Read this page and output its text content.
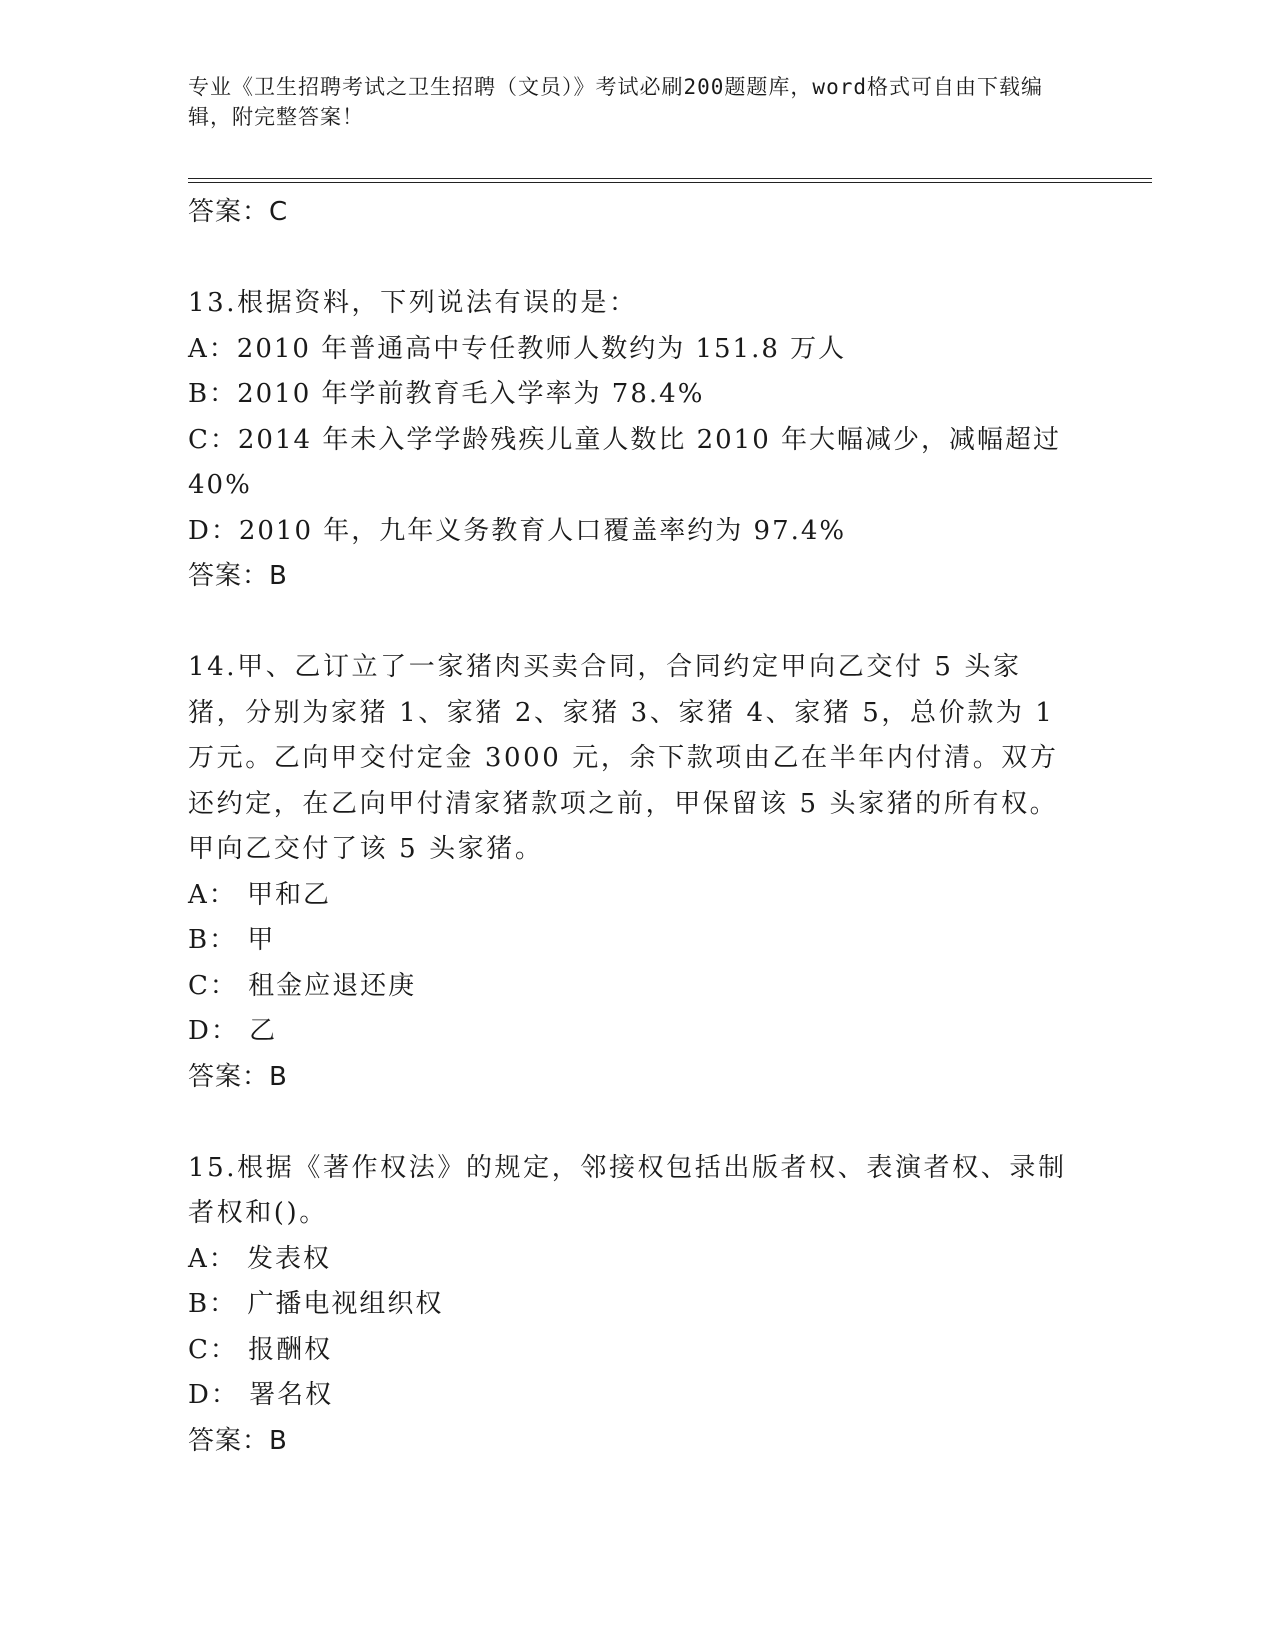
专业《卫生招聘考试之卫生招聘（文员）》考试必刷200题题库，word格式可自由下载编辑，附完整答案！
答案：C
13.根据资料，下列说法有误的是：
A：2010 年普通高中专任教师人数约为 151.8 万人
B：2010 年学前教育毛入学率为 78.4%
C：2014 年未入学学龄残疾儿童人数比 2010 年大幅减少，减幅超过
40%
D：2010 年，九年义务教育人口覆盖率约为 97.4%
答案：B
14.甲、乙订立了一家猪肉买卖合同，合同约定甲向乙交付 5 头家猪，分别为家猪 1、家猪 2、家猪 3、家猪 4、家猪 5，总价款为 1 万元。乙向甲交付定金 3000 元，余下款项由乙在半年内付清。双方还约定，在乙向甲付清家猪款项之前，甲保留该 5 头家猪的所有权。甲向乙交付了该 5 头家猪。
A： 甲和乙
B： 甲
C： 租金应退还庚
D： 乙
答案：B
15.根据《著作权法》的规定，邻接权包括出版者权、表演者权、录制者权和()。
A： 发表权
B： 广播电视组织权
C： 报酬权
D： 署名权
答案：B
